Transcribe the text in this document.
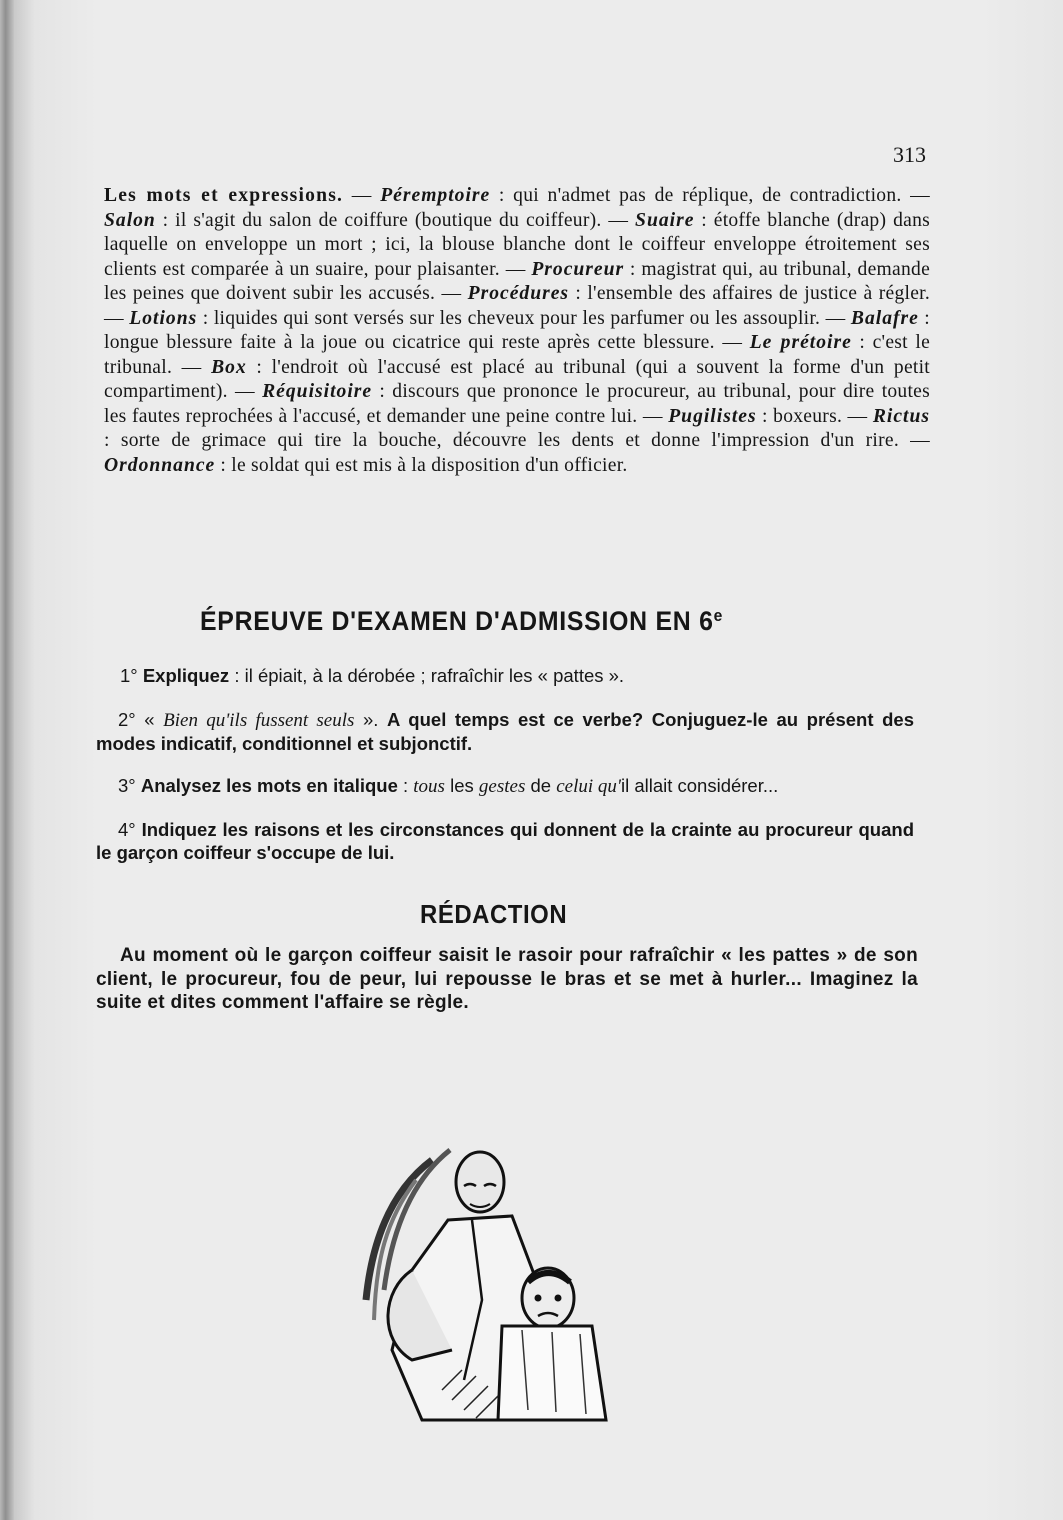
313
Les mots et expressions. — Péremptoire : qui n'admet pas de réplique, de contradiction. — Salon : il s'agit du salon de coiffure (boutique du coiffeur). — Suaire : étoffe blanche (drap) dans laquelle on enveloppe un mort ; ici, la blouse blanche dont le coiffeur enveloppe étroitement ses clients est comparée à un suaire, pour plaisanter. — Procureur : magistrat qui, au tribunal, demande les peines que doivent subir les accusés. — Procédures : l'ensemble des affaires de justice à régler. — Lotions : liquides qui sont versés sur les cheveux pour les parfumer ou les assouplir. — Balafre : longue blessure faite à la joue ou cicatrice qui reste après cette blessure. — Le prétoire : c'est le tribunal. — Box : l'endroit où l'accusé est placé au tribunal (qui a souvent la forme d'un petit compartiment). — Réquisitoire : discours que prononce le procureur, au tribunal, pour dire toutes les fautes reprochées à l'accusé, et demander une peine contre lui. — Pugilistes : boxeurs. — Rictus : sorte de grimace qui tire la bouche, découvre les dents et donne l'impression d'un rire. — Ordonnance : le soldat qui est mis à la disposition d'un officier.
ÉPREUVE D'EXAMEN D'ADMISSION EN 6e
1° Expliquez : il épiait, à la dérobée ; rafraîchir les « pattes ».
2° « Bien qu'ils fussent seuls ». A quel temps est ce verbe? Conjuguez-le au présent des modes indicatif, conditionnel et subjonctif.
3° Analysez les mots en italique : tous les gestes de celui qu'il allait considérer...
4° Indiquez les raisons et les circonstances qui donnent de la crainte au procureur quand le garçon coiffeur s'occupe de lui.
RÉDACTION
Au moment où le garçon coiffeur saisit le rasoir pour rafraîchir « les pattes » de son client, le procureur, fou de peur, lui repousse le bras et se met à hurler... Imaginez la suite et dites comment l'affaire se règle.
